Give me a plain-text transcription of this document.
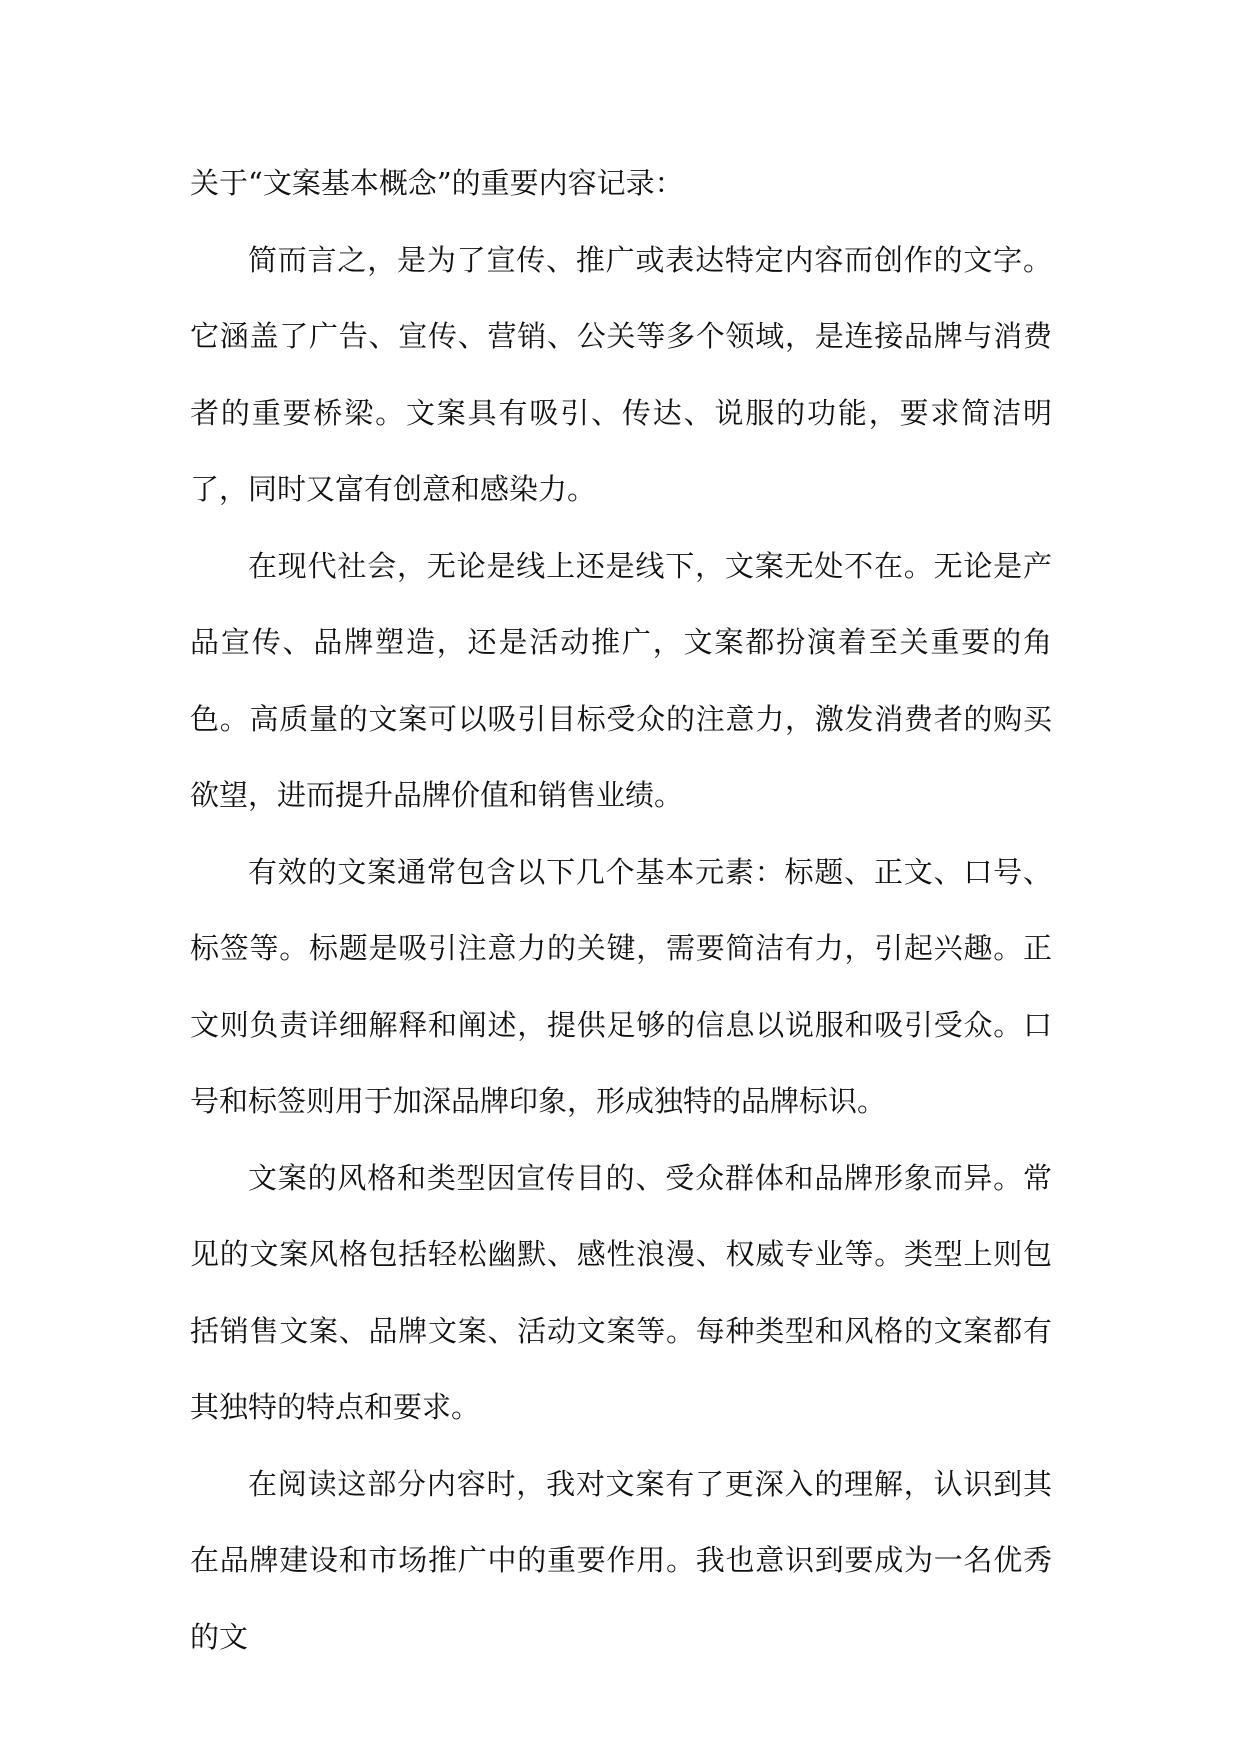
关于“文案基本概念”的重要内容记录：

简而言之，是为了宣传、推广或表达特定内容而创作的文字。它涵盖了广告、宣传、营销、公关等多个领域，是连接品牌与消费者的重要桥梁。文案具有吸引、传达、说服的功能，要求简洁明了，同时又富有创意和感染力。

在现代社会，无论是线上还是线下，文案无处不在。无论是产品宣传、品牌塑造，还是活动推广，文案都扮演着至关重要的角色。高质量的文案可以吸引目标受众的注意力，激发消费者的购买欲望，进而提升品牌价值和销售业绩。

有效的文案通常包含以下几个基本元素：标题、正文、口号、标签等。标题是吸引注意力的关键，需要简洁有力，引起兴趣。正文则负责详细解释和阐述，提供足够的信息以说服和吸引受众。口号和标签则用于加深品牌印象，形成独特的品牌标识。

文案的风格和类型因宣传目的、受众群体和品牌形象而异。常见的文案风格包括轻松幽默、感性浪漫、权威专业等。类型上则包括销售文案、品牌文案、活动文案等。每种类型和风格的文案都有其独特的特点和要求。

在阅读这部分内容时，我对文案有了更深入的理解，认识到其在品牌建设和市场推广中的重要作用。我也意识到要成为一名优秀的文
